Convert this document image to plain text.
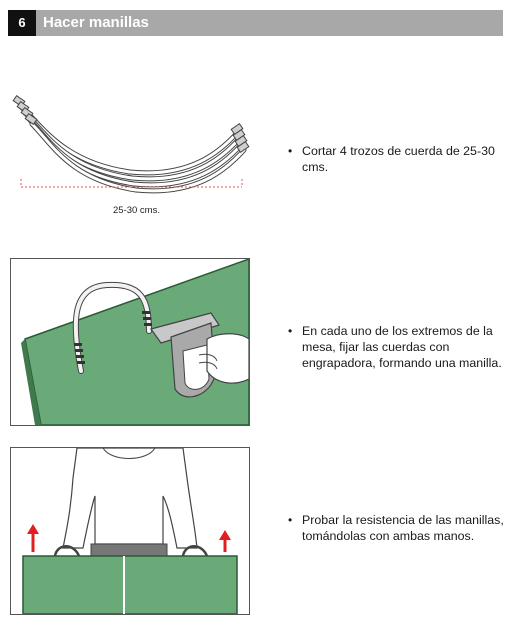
6	Hacer manillas
25-30 cms.
• Cortar 4 trozos de cuerda de 25-30 cms.
• En cada uno de los extremos de la mesa, fijar las cuerdas con engrapadora, formando una manilla.
• Probar la resistencia de las manillas, tomándolas con ambas manos.
